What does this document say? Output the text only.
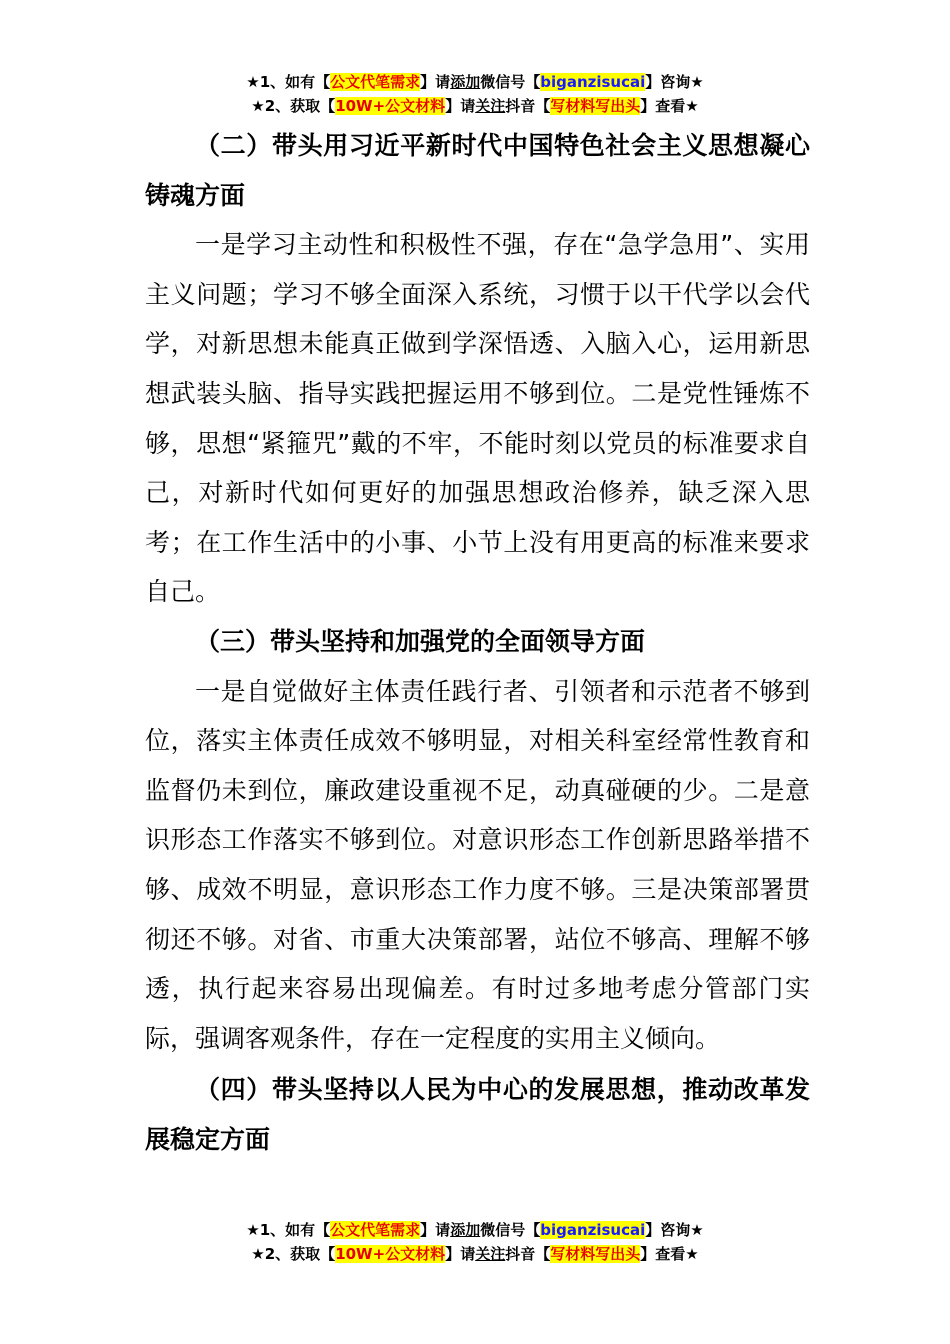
★1、如有【公文代笔需求】请添加微信号【biganzisucai】咨询★
★2、获取【10W+公文材料】请关注抖音【写材料写出头】查看★

（二）带头用习近平新时代中国特色社会主义思想凝心铸魂方面

一是学习主动性和积极性不强，存在“急学急用”、实用主义问题；学习不够全面深入系统，习惯于以干代学以会代学，对新思想未能真正做到学深悟透、入脑入心，运用新思想武装头脑、指导实践把握运用不够到位。二是党性锤炼不够，思想“紧箍咒”戴的不牢，不能时刻以党员的标准要求自己，对新时代如何更好的加强思想政治修养，缺乏深入思考；在工作生活中的小事、小节上没有用更高的标准来要求自己。

（三）带头坚持和加强党的全面领导方面

一是自觉做好主体责任践行者、引领者和示范者不够到位，落实主体责任成效不够明显，对相关科室经常性教育和监督仍未到位，廉政建设重视不足，动真碰硬的少。二是意识形态工作落实不够到位。对意识形态工作创新思路举措不够、成效不明显，意识形态工作力度不够。三是决策部署贯彻还不够。对省、市重大决策部署，站位不够高、理解不够透，执行起来容易出现偏差。有时过多地考虑分管部门实际，强调客观条件，存在一定程度的实用主义倾向。

（四）带头坚持以人民为中心的发展思想，推动改革发展稳定方面

★1、如有【公文代笔需求】请添加微信号【biganzisucai】咨询★
★2、获取【10W+公文材料】请关注抖音【写材料写出头】查看★
